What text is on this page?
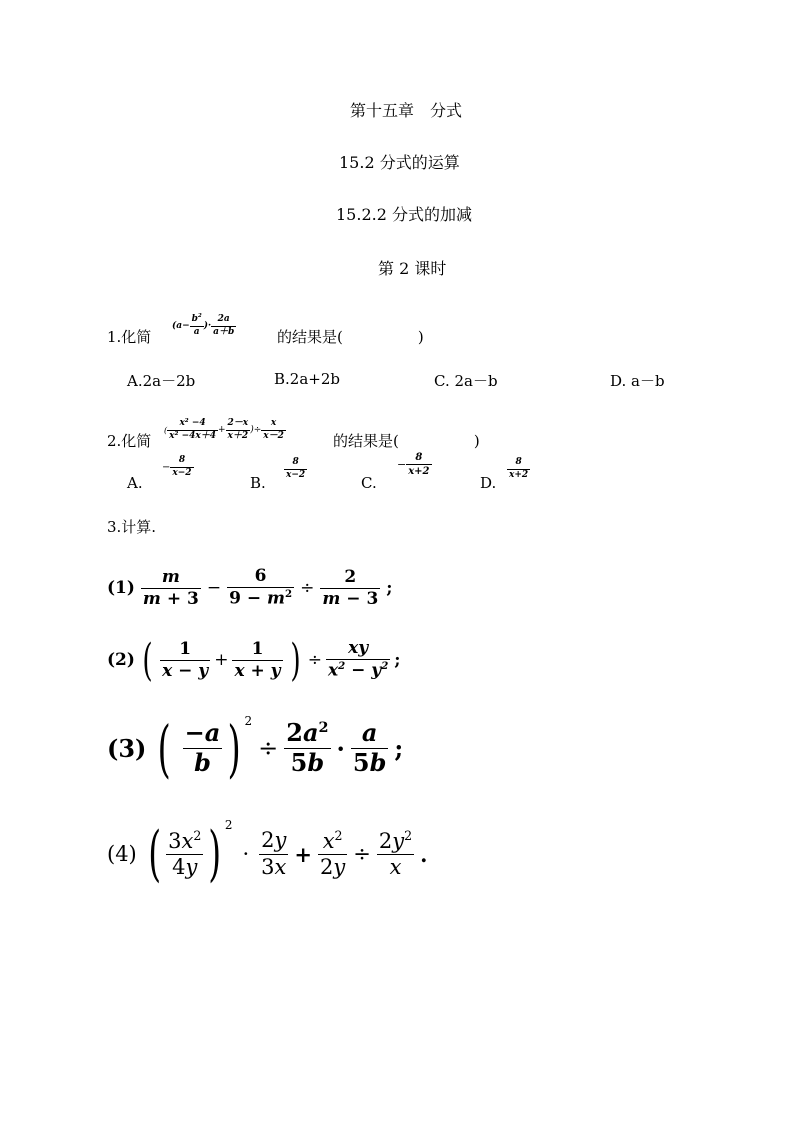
第十五章　分式
15.2 分式的运算
15.2.2 分式的加减
第 2 课时
1.化简
($a- \frac{b^2}{a}$ )· $\frac{2a}{a+b}$	的结果是(　　　　　)
A.2a－2b	B.2a+2b	C. 2a－b	D. a－b
2.化简
( $\frac{\text{x² −4}}{\text{x² −4x＋4}} + \frac{2-x}{x+2}$ )÷ $\frac{x}{x-2}$	的结果是(　　　　　)
A.
− $\frac{8}{x-2}$
B.
$\frac{8}{x-2}$
C.
− $\frac{8}{x+2}$
D.
$\frac{8}{x+2}$
3.计算.
$(1) \frac{m}{m + 3} - \frac{6}{9 - m^2} \div \frac{2}{m - 3}$ ;
(2) ( $\frac{1}{x - y} + \frac{1}{x + y}$ ) ÷ $\frac{xy}{x^2 - y^2}$ ;
(3) ( $\frac{-a}{b}$ ) $^2$
÷ $\frac{2a^2}{5b} \cdot \frac{a}{5b}$ ;
(4) ( $\frac{3x^2}{4y}$ ) $^2$
· $\frac{2y}{3x} + \frac{x^2}{2y} \div \frac{2y^2}{x}$ .
